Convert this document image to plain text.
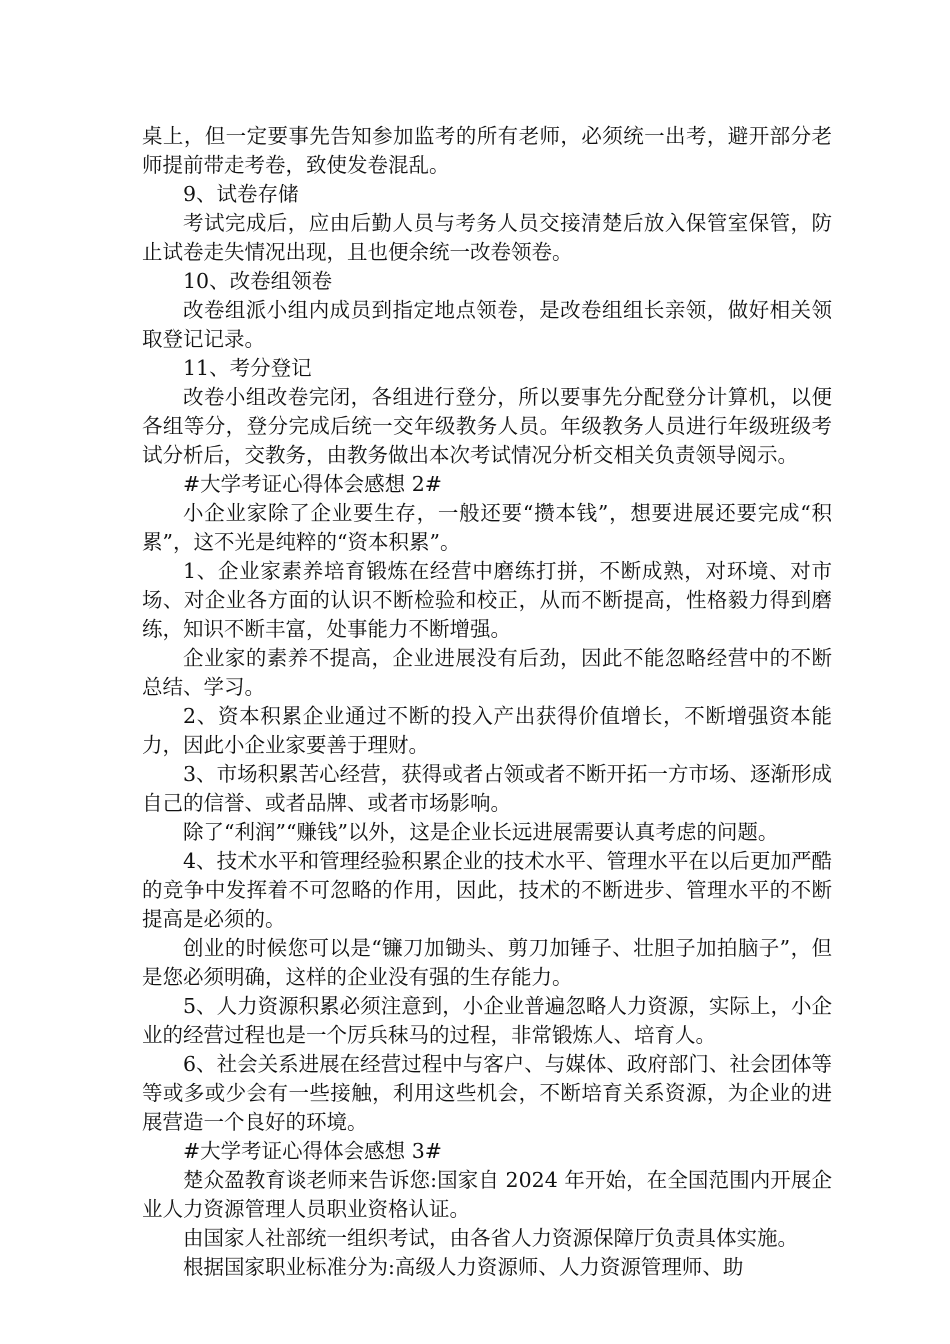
桌上，但一定要事先告知参加监考的所有老师，必须统一出考，避开部分老师提前带走考卷，致使发卷混乱。

9、试卷存储

考试完成后，应由后勤人员与考务人员交接清楚后放入保管室保管，防止试卷走失情况出现，且也便余统一改卷领卷。

10、改卷组领卷

改卷组派小组内成员到指定地点领卷，是改卷组组长亲领，做好相关领取登记记录。

11、考分登记

改卷小组改卷完闭，各组进行登分，所以要事先分配登分计算机，以便各组等分，登分完成后统一交年级教务人员。年级教务人员进行年级班级考试分析后，交教务，由教务做出本次考试情况分析交相关负责领导阅示。

#大学考证心得体会感想 2#

小企业家除了企业要生存，一般还要“攒本钱”，想要进展还要完成“积累”，这不光是纯粹的“资本积累”。

1、企业家素养培育锻炼在经营中磨练打拼，不断成熟，对环境、对市场、对企业各方面的认识不断检验和校正，从而不断提高，性格毅力得到磨练，知识不断丰富，处事能力不断增强。

企业家的素养不提高，企业进展没有后劲，因此不能忽略经营中的不断总结、学习。

2、资本积累企业通过不断的投入产出获得价值增长，不断增强资本能力，因此小企业家要善于理财。

3、市场积累苦心经营，获得或者占领或者不断开拓一方市场、逐渐形成自己的信誉、或者品牌、或者市场影响。

除了“利润”“赚钱”以外，这是企业长远进展需要认真考虑的问题。

4、技术水平和管理经验积累企业的技术水平、管理水平在以后更加严酷的竞争中发挥着不可忽略的作用，因此，技术的不断进步、管理水平的不断提高是必须的。

创业的时候您可以是“镰刀加锄头、剪刀加锤子、壮胆子加拍脑子”，但是您必须明确，这样的企业没有强的生存能力。

5、人力资源积累必须注意到，小企业普遍忽略人力资源，实际上，小企业的经营过程也是一个厉兵秣马的过程，非常锻炼人、培育人。

6、社会关系进展在经营过程中与客户、与媒体、政府部门、社会团体等等或多或少会有一些接触，利用这些机会，不断培育关系资源，为企业的进展营造一个良好的环境。

#大学考证心得体会感想 3#

楚众盈教育谈老师来告诉您:国家自 2024 年开始，在全国范围内开展企业人力资源管理人员职业资格认证。

由国家人社部统一组织考试，由各省人力资源保障厅负责具体实施。

根据国家职业标准分为:高级人力资源师、人力资源管理师、助
